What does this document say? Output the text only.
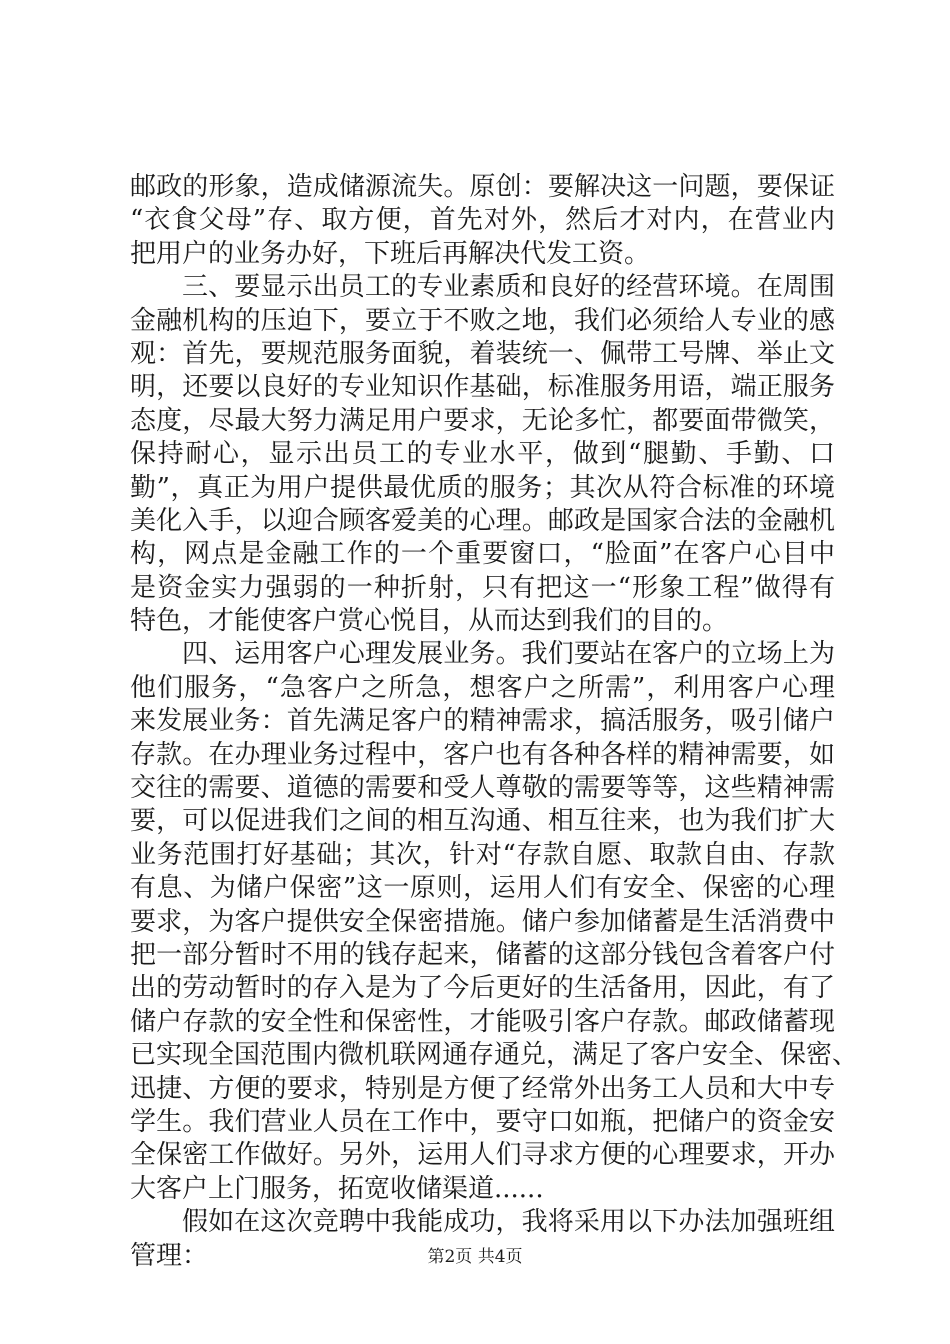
邮政的形象，造成储源流失。原创：要解决这一问题，要保证
“衣食父母”存、取方便，首先对外，然后才对内，在营业内
把用户的业务办好，下班后再解决代发工资。
三、要显示出员工的专业素质和良好的经营环境。在周围
金融机构的压迫下，要立于不败之地，我们必须给人专业的感
观：首先，要规范服务面貌，着装统一、佩带工号牌、举止文
明，还要以良好的专业知识作基础，标准服务用语，端正服务
态度，尽最大努力满足用户要求，无论多忙，都要面带微笑，
保持耐心，显示出员工的专业水平，做到“腿勤、手勤、口
勤”，真正为用户提供最优质的服务；其次从符合标准的环境
美化入手，以迎合顾客爱美的心理。邮政是国家合法的金融机
构，网点是金融工作的一个重要窗口，“脸面”在客户心目中
是资金实力强弱的一种折射，只有把这一“形象工程”做得有
特色，才能使客户赏心悦目，从而达到我们的目的。
四、运用客户心理发展业务。我们要站在客户的立场上为
他们服务，“急客户之所急，想客户之所需”，利用客户心理
来发展业务：首先满足客户的精神需求，搞活服务，吸引储户
存款。在办理业务过程中，客户也有各种各样的精神需要，如
交往的需要、道德的需要和受人尊敬的需要等等，这些精神需
要，可以促进我们之间的相互沟通、相互往来，也为我们扩大
业务范围打好基础；其次，针对“存款自愿、取款自由、存款
有息、为储户保密”这一原则，运用人们有安全、保密的心理
要求，为客户提供安全保密措施。储户参加储蓄是生活消费中
把一部分暂时不用的钱存起来，储蓄的这部分钱包含着客户付
出的劳动暂时的存入是为了今后更好的生活备用，因此，有了
储户存款的安全性和保密性，才能吸引客户存款。邮政储蓄现
已实现全国范围内微机联网通存通兑，满足了客户安全、保密、
迅捷、方便的要求，特别是方便了经常外出务工人员和大中专
学生。我们营业人员在工作中，要守口如瓶，把储户的资金安
全保密工作做好。另外，运用人们寻求方便的心理要求，开办
大客户上门服务，拓宽收储渠道......
假如在这次竞聘中我能成功，我将采用以下办法加强班组
管理：	第2页 共4页
